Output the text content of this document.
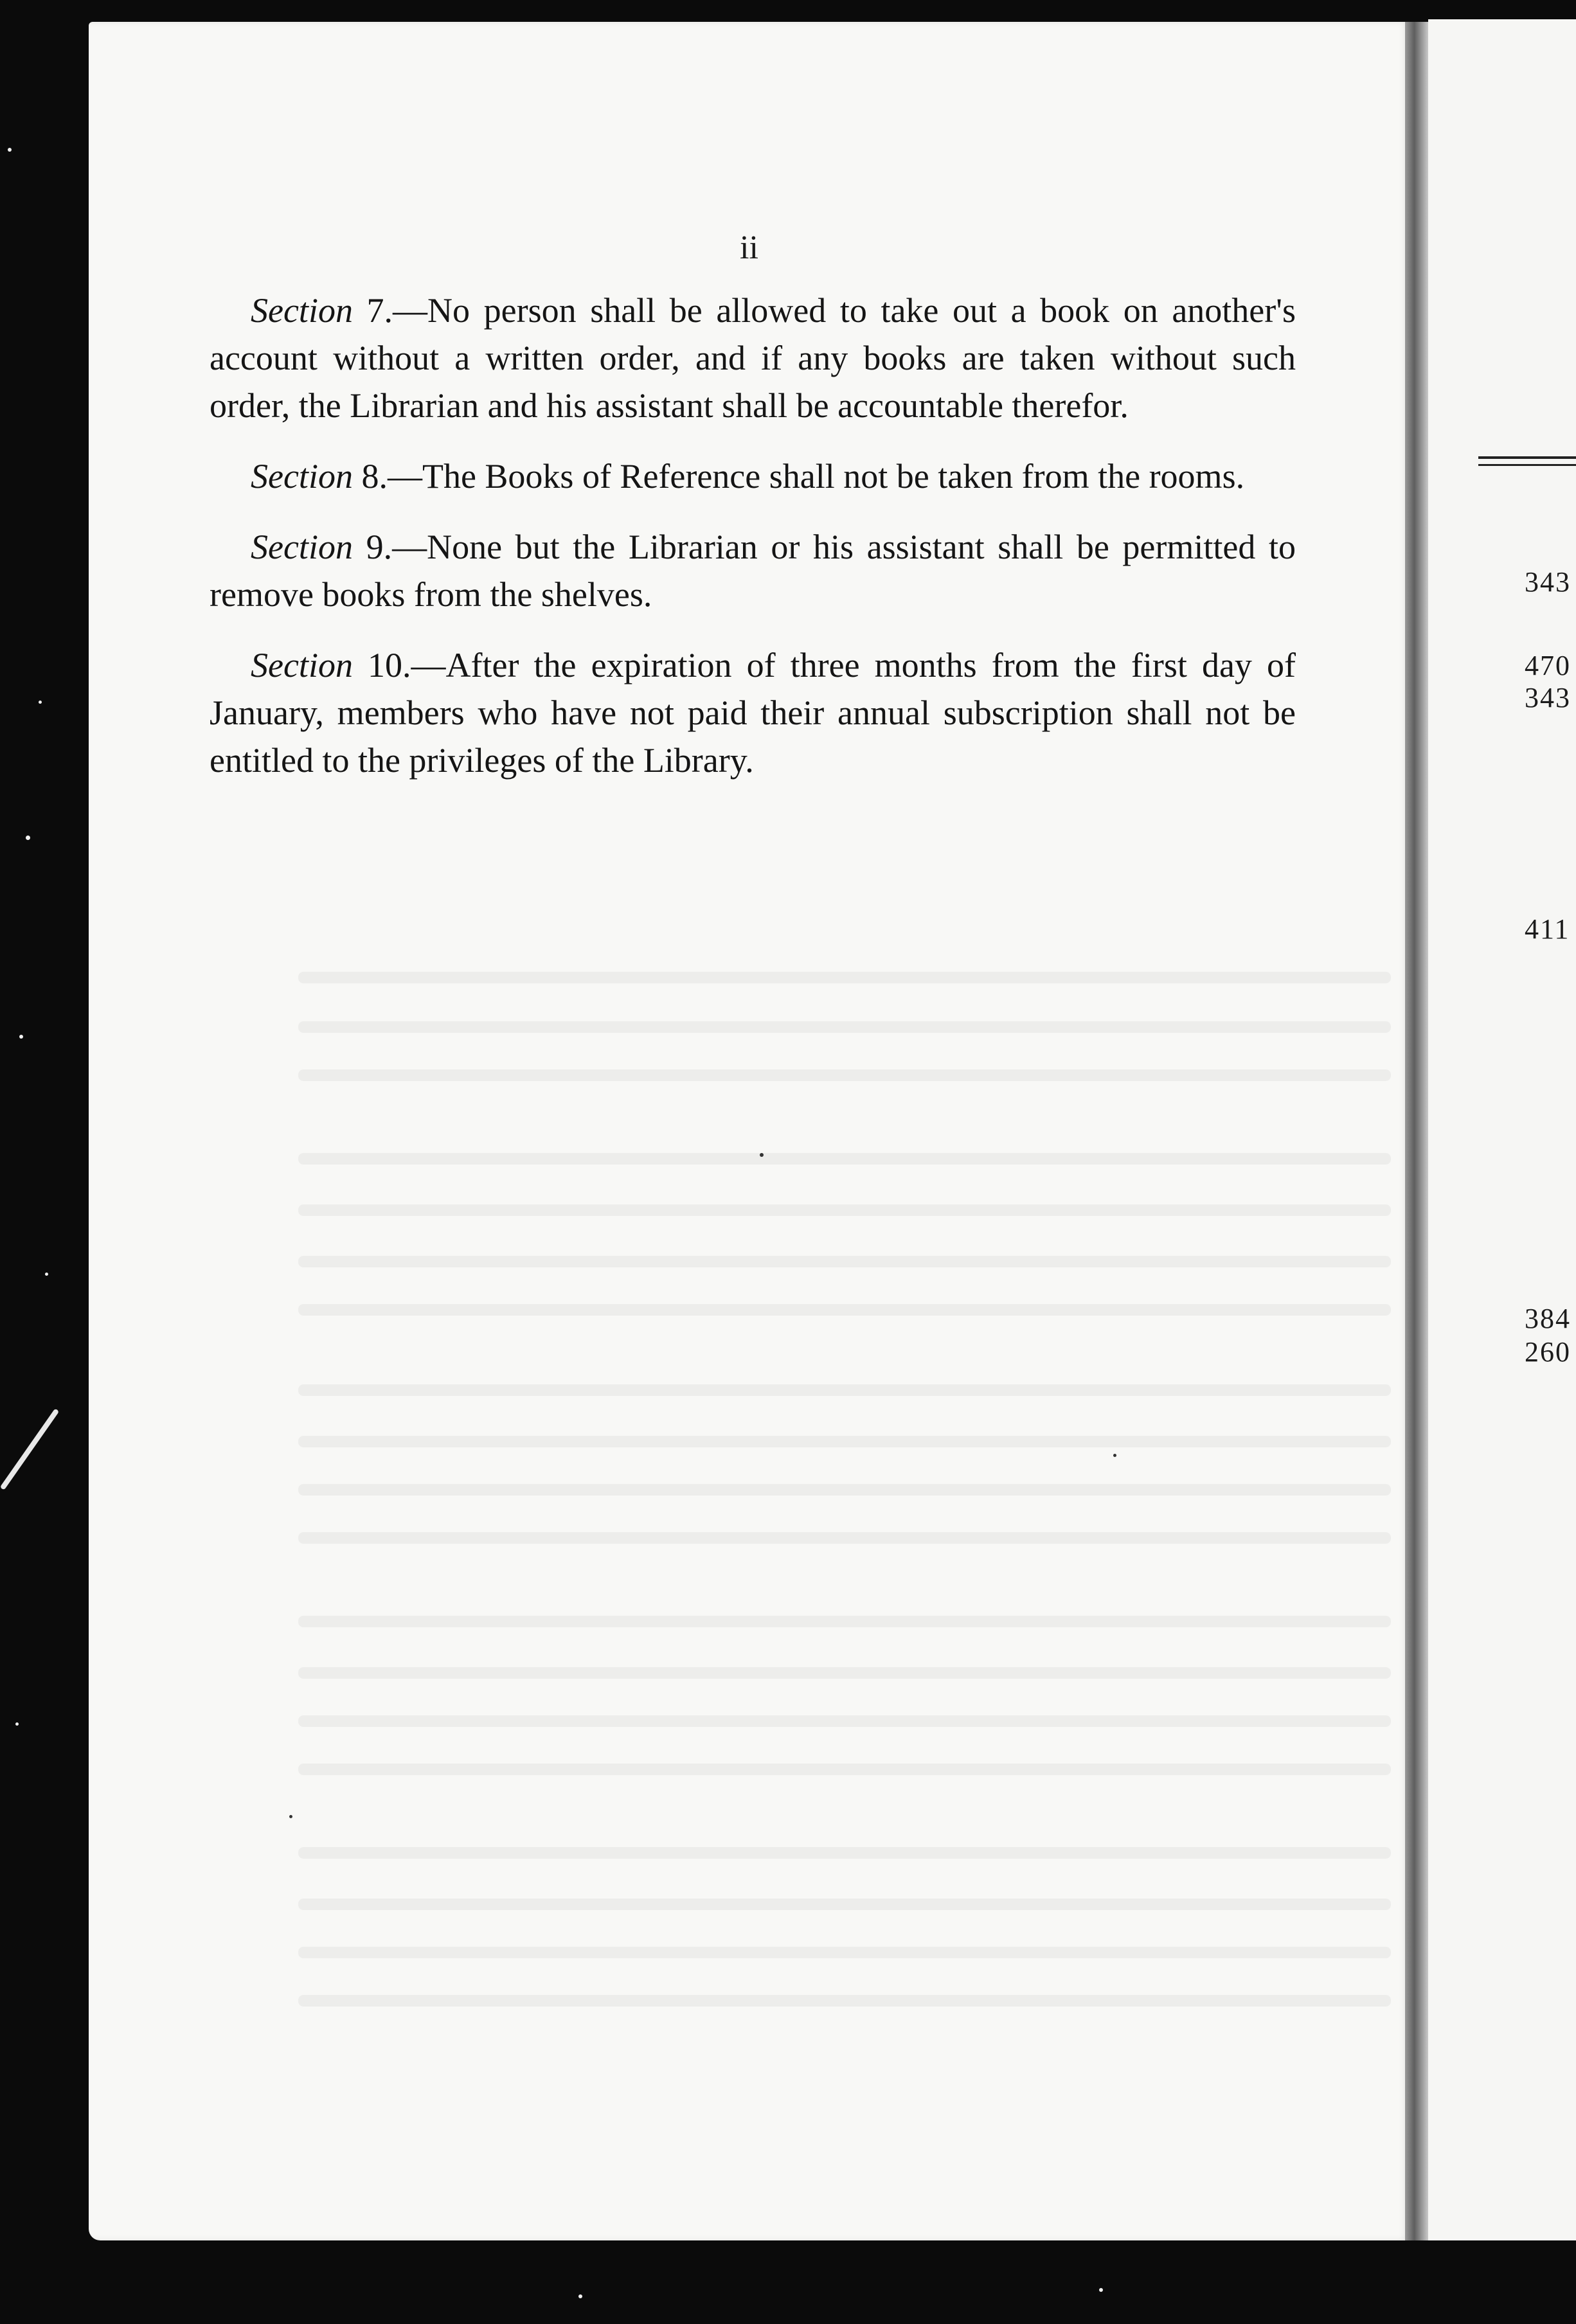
ii

Section 7.—No person shall be allowed to take out a book on another's account without a written order, and if any books are taken without such order, the Librarian and his assistant shall be accountable therefor.

Section 8.—The Books of Reference shall not be taken from the rooms.

Section 9.—None but the Librarian or his assistant shall be permitted to remove books from the shelves.

Section 10.—After the expiration of three months from the first day of January, members who have not paid their annual subscription shall not be entitled to the privileges of the Library.

343
470
343
411
384
260
